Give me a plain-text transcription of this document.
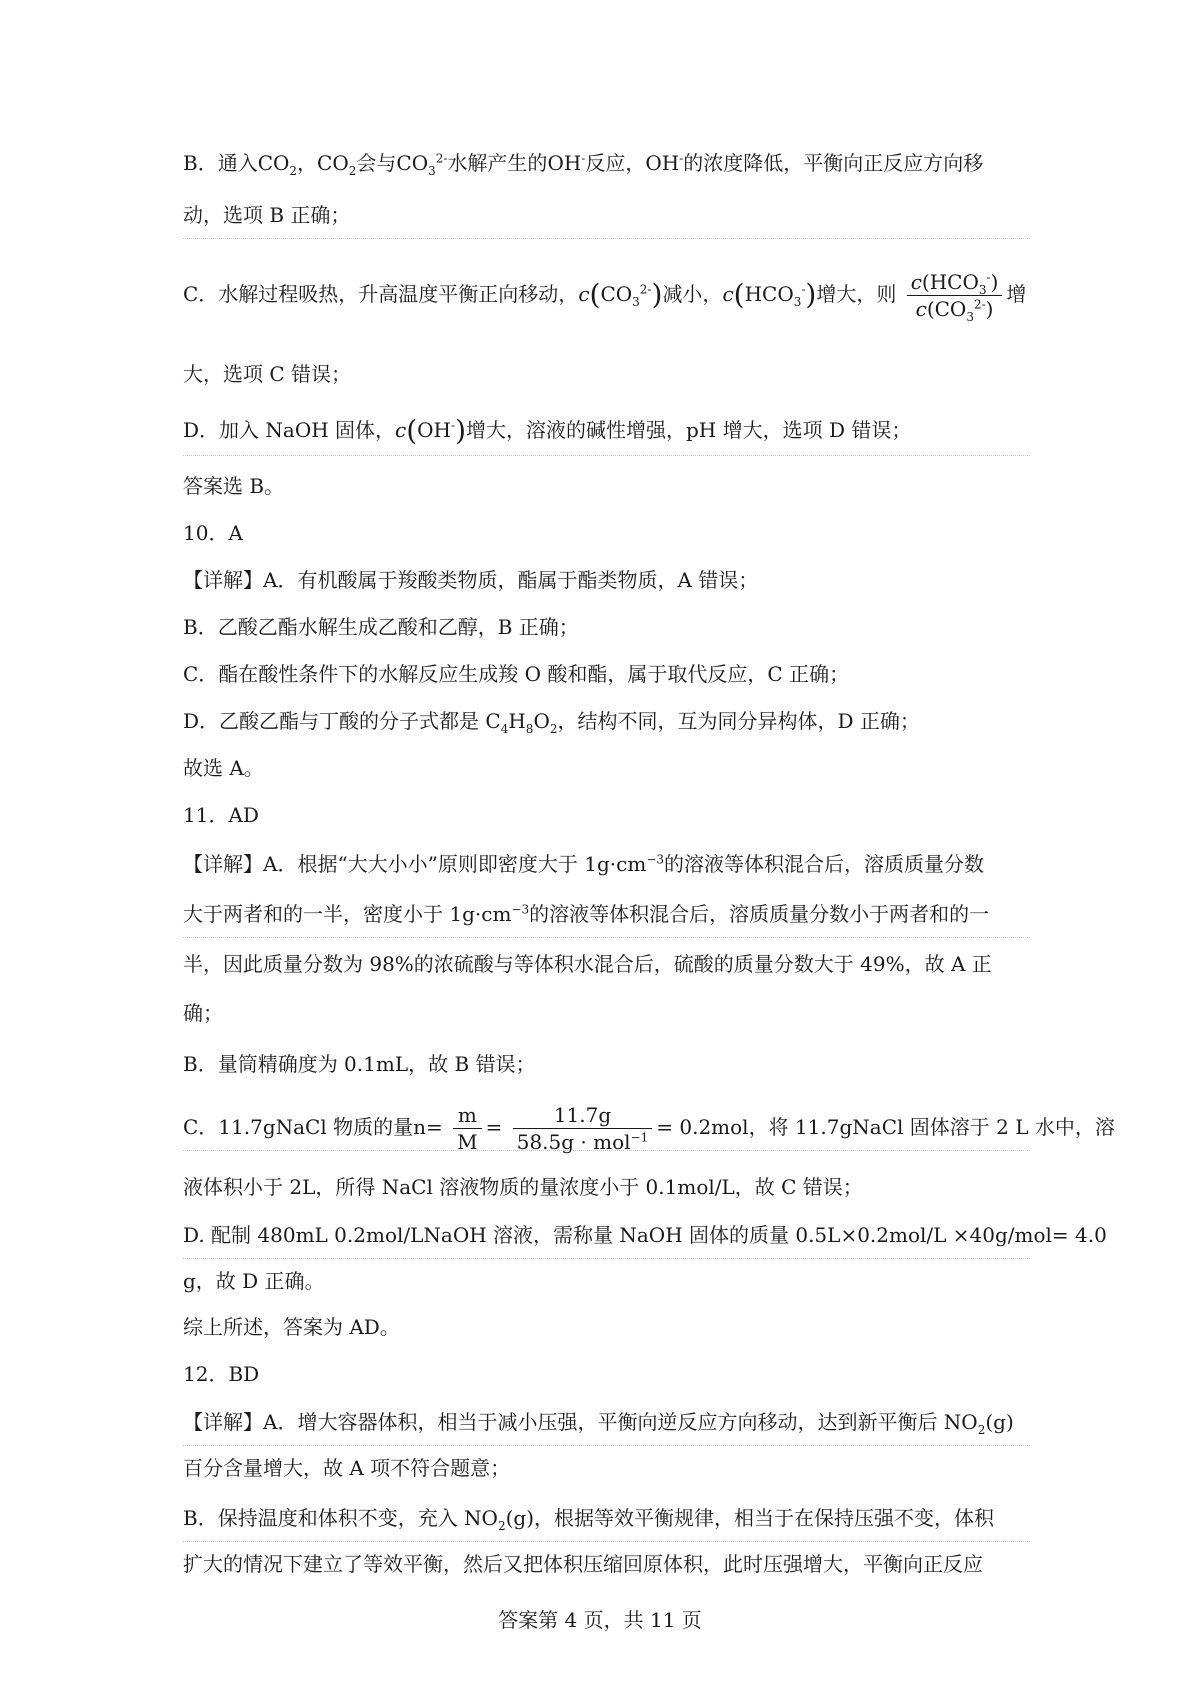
B．通入$CO_2$，$CO_2$会与$CO_3^{2-}$水解产生的OH-反应，OH-的浓度降低，平衡向正反应方向移
动，选项 B 正确；
C．水解过程吸热，升高温度平衡正向移动，$c(CO_3^{2-})$减小，$c(HCO_3^-)$增大，则 $\frac{c(HCO_3^-)}{c(CO_3^{2-})}$ 增
大，选项 C 错误；
D．加入 NaOH 固体，c(OH-)增大，溶液的碱性增强，pH 增大，选项 D 错误；
答案选 B。
10．A
【详解】A．有机酸属于羧酸类物质，酯属于酯类物质，A 错误；
B．乙酸乙酯水解生成乙酸和乙醇，B 正确；
C．酯在酸性条件下的水解反应生成羧 O 酸和酯，属于取代反应，C 正确；
D．乙酸乙酯与丁酸的分子式都是 $C_4H_8O_2$，结构不同，互为同分异构体，D 正确；
故选 A。
11．AD
【详解】A．根据“大大小小”原则即密度大于 $1g\cdot cm^{-3}$的溶液等体积混合后，溶质质量分数
大于两者和的一半，密度小于 $1g\cdot cm^{-3}$的溶液等体积混合后，溶质质量分数小于两者和的一
半，因此质量分数为 98%的浓硫酸与等体积水混合后，硫酸的质量分数大于 49%，故 A 正
确；
B．量筒精确度为 0.1mL，故 B 错误；
C．11.7gNaCl 物质的量$n= \frac{m}{M} = \frac{11.7g}{58.5g \cdot mol^{-1}} = 0.2mol$，将 11.7gNaCl 固体溶于 2 L 水中，溶
液体积小于 2L，所得 NaCl 溶液物质的量浓度小于 0.1mol/L，故 C 错误；
D. 配制 480mL 0.2mol/LNaOH 溶液，需称量 NaOH 固体的质量 0.5L×0.2mol/L ×40g/mol= 4.0
g，故 D 正确。
综上所述，答案为 AD。
12．BD
【详解】A．增大容器体积，相当于减小压强，平衡向逆反应方向移动，达到新平衡后 $NO_2(g)$
百分含量增大，故 A 项不符合题意；
B．保持温度和体积不变，充入 $NO_2(g)$，根据等效平衡规律，相当于在保持压强不变，体积
扩大的情况下建立了等效平衡，然后又把体积压缩回原体积，此时压强增大，平衡向正反应
答案第 4 页，共 11 页
